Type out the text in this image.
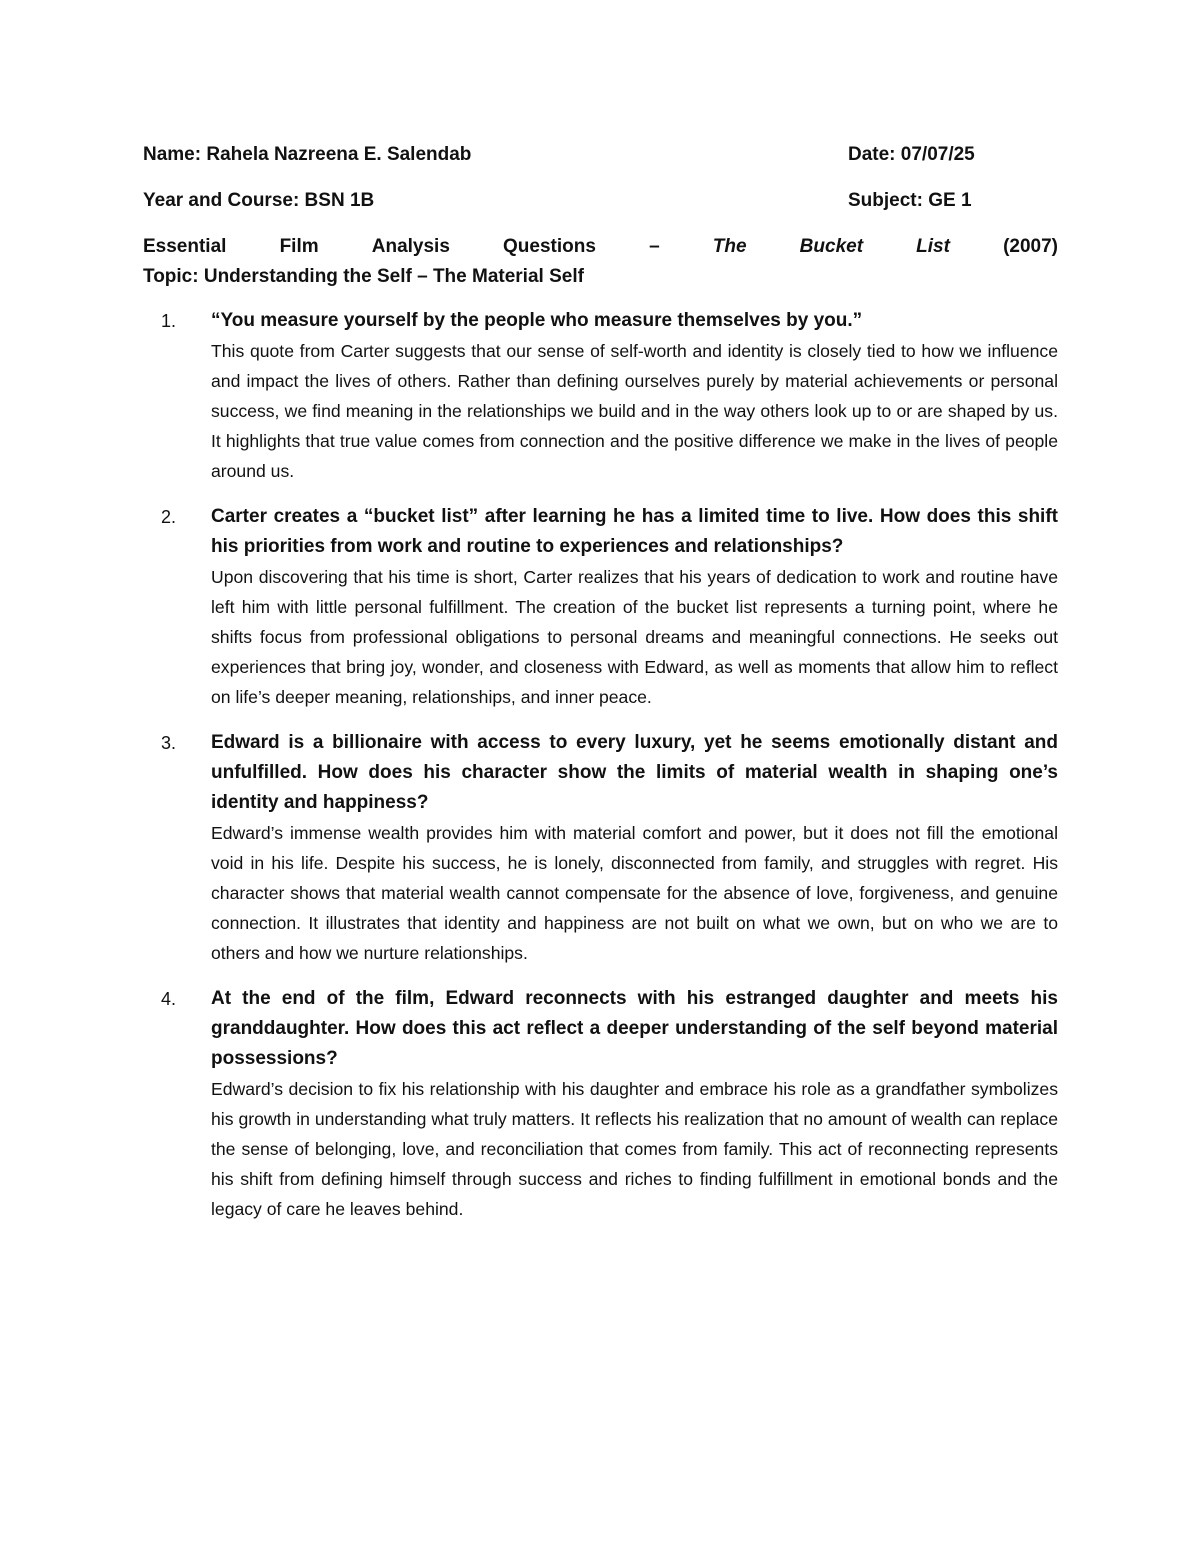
Name: Rahela Nazreena E. Salendab	Date: 07/07/25
Year and Course: BSN 1B	Subject: GE 1
Essential	Film	Analysis	Questions	–	The	Bucket	List	(2007)
Topic: Understanding the Self – The Material Self
1. “You measure yourself by the people who measure themselves by you.”
This quote from Carter suggests that our sense of self-worth and identity is closely tied to how we influence and impact the lives of others. Rather than defining ourselves purely by material achievements or personal success, we find meaning in the relationships we build and in the way others look up to or are shaped by us. It highlights that true value comes from connection and the positive difference we make in the lives of people around us.
2. Carter creates a “bucket list” after learning he has a limited time to live. How does this shift his priorities from work and routine to experiences and relationships?
Upon discovering that his time is short, Carter realizes that his years of dedication to work and routine have left him with little personal fulfillment. The creation of the bucket list represents a turning point, where he shifts focus from professional obligations to personal dreams and meaningful connections. He seeks out experiences that bring joy, wonder, and closeness with Edward, as well as moments that allow him to reflect on life’s deeper meaning, relationships, and inner peace.
3. Edward is a billionaire with access to every luxury, yet he seems emotionally distant and unfulfilled. How does his character show the limits of material wealth in shaping one’s identity and happiness?
Edward’s immense wealth provides him with material comfort and power, but it does not fill the emotional void in his life. Despite his success, he is lonely, disconnected from family, and struggles with regret. His character shows that material wealth cannot compensate for the absence of love, forgiveness, and genuine connection. It illustrates that identity and happiness are not built on what we own, but on who we are to others and how we nurture relationships.
4. At the end of the film, Edward reconnects with his estranged daughter and meets his granddaughter. How does this act reflect a deeper understanding of the self beyond material possessions?
Edward’s decision to fix his relationship with his daughter and embrace his role as a grandfather symbolizes his growth in understanding what truly matters. It reflects his realization that no amount of wealth can replace the sense of belonging, love, and reconciliation that comes from family. This act of reconnecting represents his shift from defining himself through success and riches to finding fulfillment in emotional bonds and the legacy of care he leaves behind.
